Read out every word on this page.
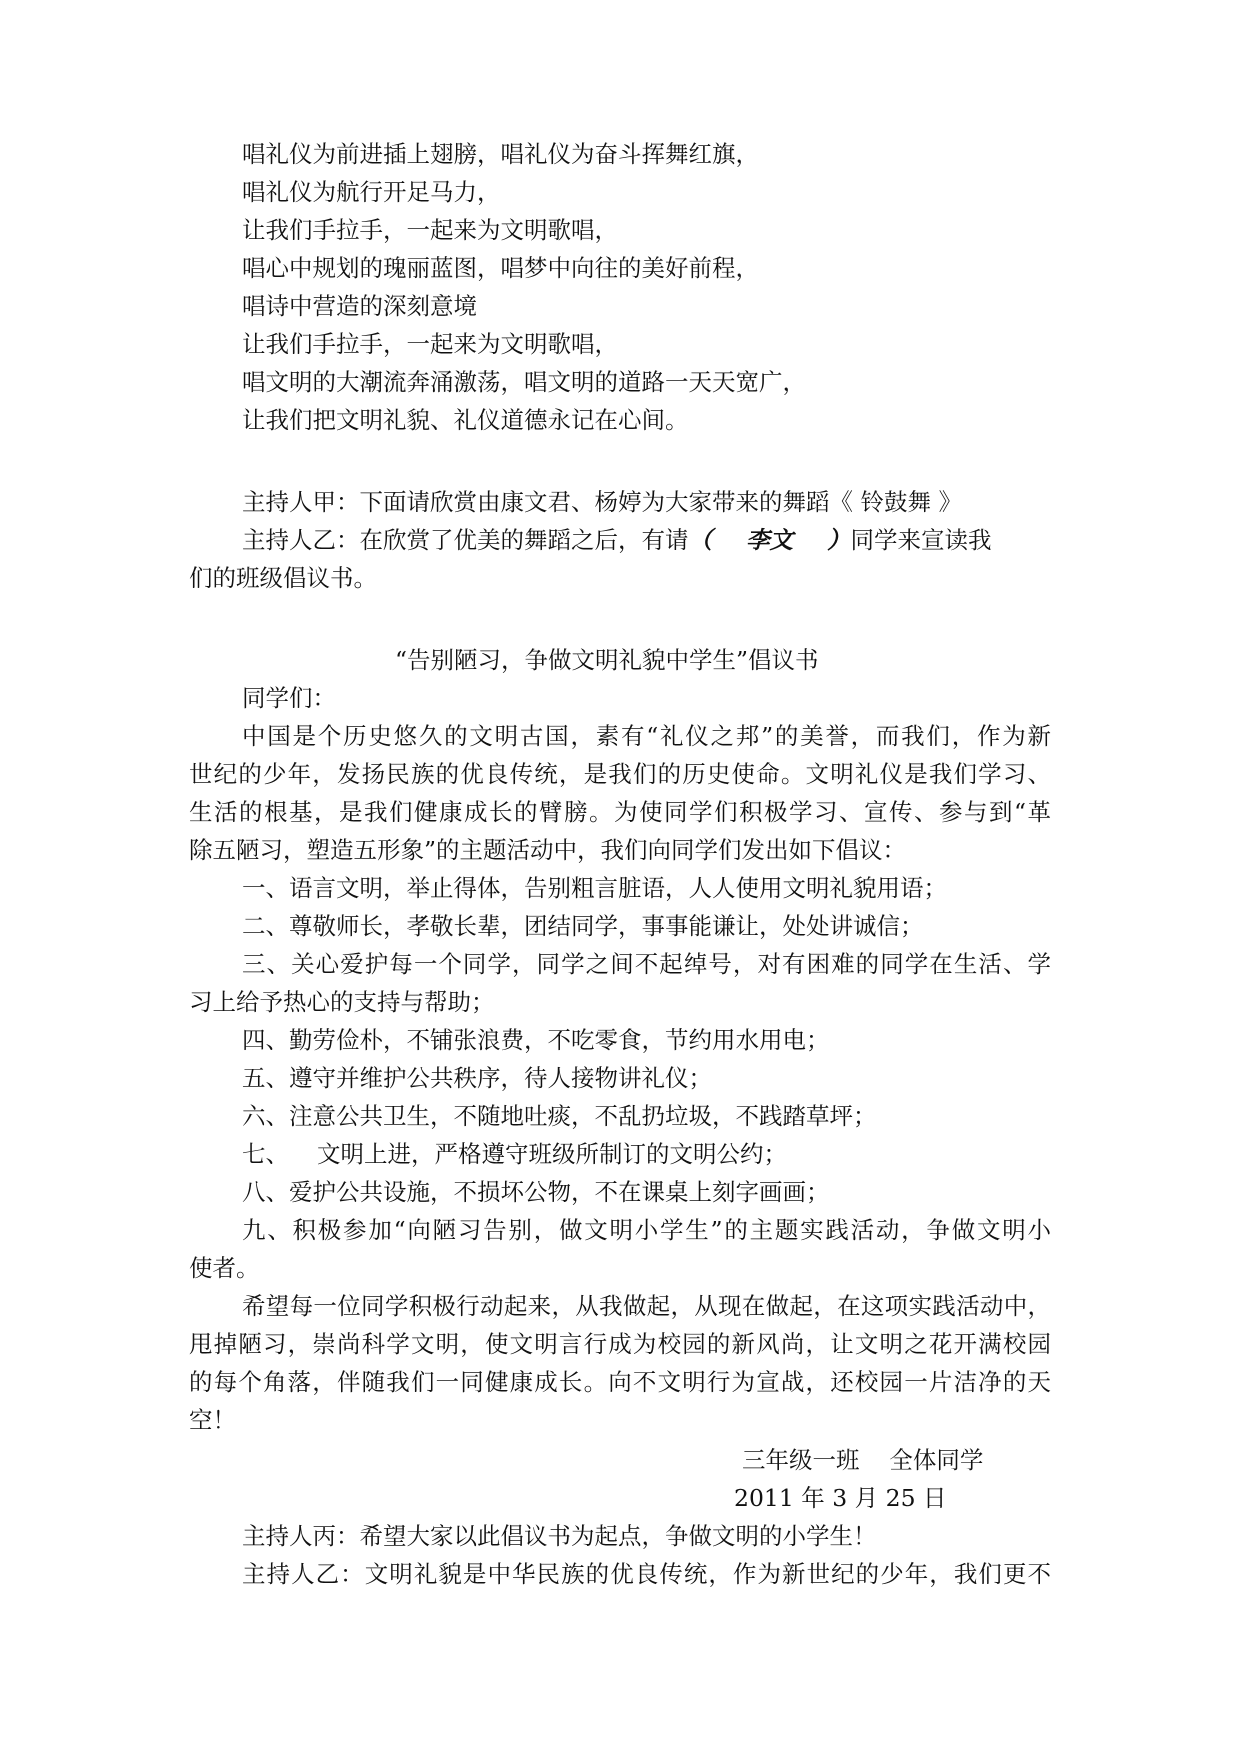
唱礼仪为前进插上翅膀，唱礼仪为奋斗挥舞红旗，
唱礼仪为航行开足马力，
让我们手拉手，一起来为文明歌唱，
唱心中规划的瑰丽蓝图，唱梦中向往的美好前程，
唱诗中营造的深刻意境
让我们手拉手，一起来为文明歌唱，
唱文明的大潮流奔涌激荡，唱文明的道路一天天宽广，
让我们把文明礼貌、礼仪道德永记在心间。
主持人甲：下面请欣赏由康文君、杨婷为大家带来的舞蹈《 铃鼓舞 》
主持人乙：在欣赏了优美的舞蹈之后，有请（ 李文 ）同学来宣读我
们的班级倡议书。
“告别陋习，争做文明礼貌中学生”倡议书
同学们：
中国是个历史悠久的文明古国，素有“礼仪之邦”的美誉，而我们，作为新
世纪的少年，发扬民族的优良传统，是我们的历史使命。文明礼仪是我们学习、
生活的根基，是我们健康成长的臂膀。为使同学们积极学习、宣传、参与到“革
除五陋习，塑造五形象”的主题活动中，我们向同学们发出如下倡议：
一、语言文明，举止得体，告别粗言脏语，人人使用文明礼貌用语；
二、尊敬师长，孝敬长辈，团结同学，事事能谦让，处处讲诚信；
三、关心爱护每一个同学，同学之间不起绰号，对有困难的同学在生活、学
习上给予热心的支持与帮助；
四、勤劳俭朴，不铺张浪费，不吃零食，节约用水用电；
五、遵守并维护公共秩序，待人接物讲礼仪；
六、注意公共卫生，不随地吐痰，不乱扔垃圾，不践踏草坪；
七、 文明上进，严格遵守班级所制订的文明公约；
八、爱护公共设施，不损坏公物，不在课桌上刻字画画；
九、积极参加“向陋习告别，做文明小学生”的主题实践活动，争做文明小
使者。
希望每一位同学积极行动起来，从我做起，从现在做起，在这项实践活动中，
甩掉陋习，崇尚科学文明，使文明言行成为校园的新风尚，让文明之花开满校园
的每个角落，伴随我们一同健康成长。向不文明行为宣战，还校园一片洁净的天
空！
三年级一班    全体同学
2011 年 3 月 25 日
主持人丙：希望大家以此倡议书为起点，争做文明的小学生！
主持人乙：文明礼貌是中华民族的优良传统，作为新世纪的少年，我们更不
